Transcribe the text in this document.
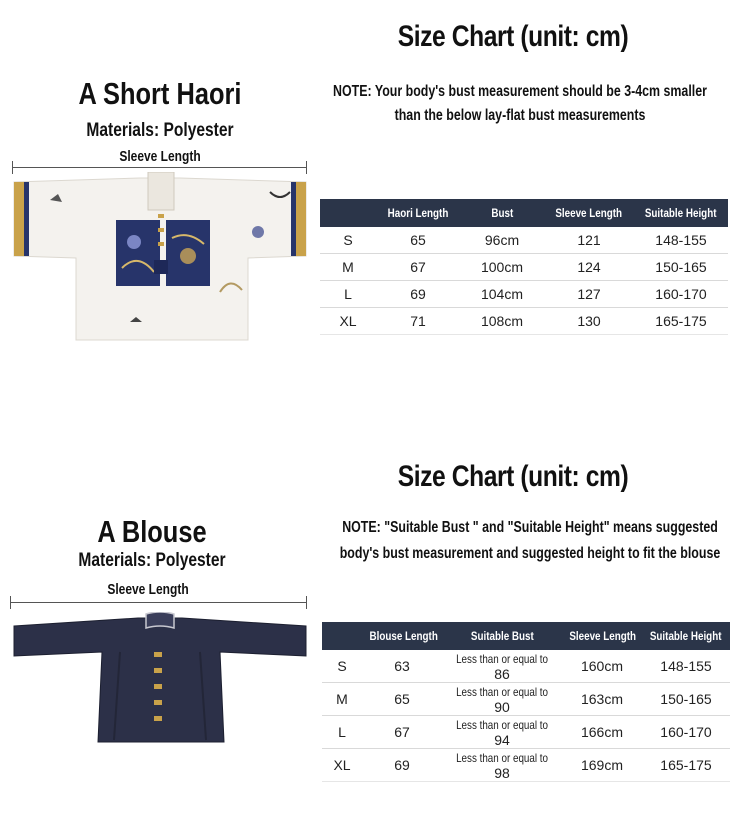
Size Chart (unit: cm)
A Short Haori
Materials: Polyester
Sleeve Length
NOTE: Your body's bust measurement should be 3-4cm smaller
than the below lay-flat bust measurements
	Haori Length	Bust	Sleeve Length	Suitable Height
S	65	96cm	121	148-155
M	67	100cm	124	150-165
L	69	104cm	127	160-170
XL	71	108cm	130	165-175
Size Chart (unit: cm)
A Blouse
Materials: Polyester
Sleeve Length
NOTE: "Suitable Bust " and "Suitable Height" means suggested
body's bust measurement and suggested height to fit the blouse
	Blouse Length	Suitable Bust	Sleeve Length	Suitable Height
S	63	Less than or equal to 86	160cm	148-155
M	65	Less than or equal to 90	163cm	150-165
L	67	Less than or equal to 94	166cm	160-170
XL	69	Less than or equal to 98	169cm	165-175
